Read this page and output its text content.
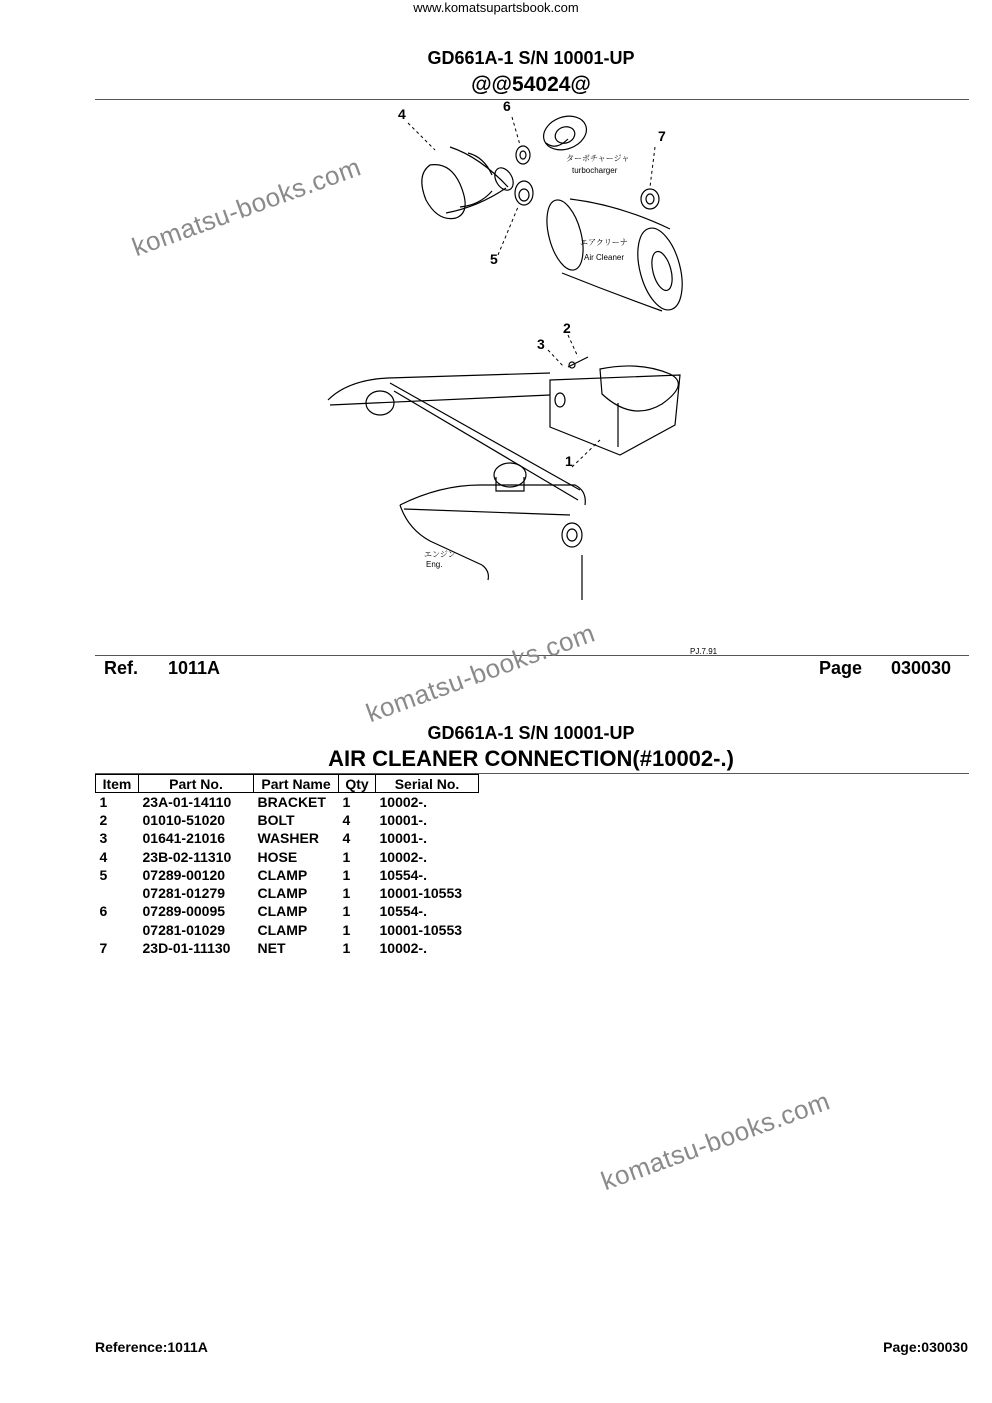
www.komatsupartsbook.com
GD661A-1 S/N 10001-UP
@@54024@
ターボチャージャ
turbocharger
エアクリーナ
Air Cleaner
エンジン
Eng.
1
2
3
4
5
6
7
PJ.7.91
Ref. 1011A	Page 030030
GD661A-1 S/N 10001-UP
AIR CLEANER CONNECTION(#10002-.)
Item	Part No.	Part Name	Qty	Serial No.
1	23A-01-14110	BRACKET	1	10002-.
2	01010-51020	BOLT	4	10001-.
3	01641-21016	WASHER	4	10001-.
4	23B-02-11310	HOSE	1	10002-.
5	07289-00120	CLAMP	1	10554-.
	07281-01279	CLAMP	1	10001-10553
6	07289-00095	CLAMP	1	10554-.
	07281-01029	CLAMP	1	10001-10553
7	23D-01-11130	NET	1	10002-.
komatsu-books.com
komatsu-books.com
komatsu-books.com
Reference:1011A	Page:030030
